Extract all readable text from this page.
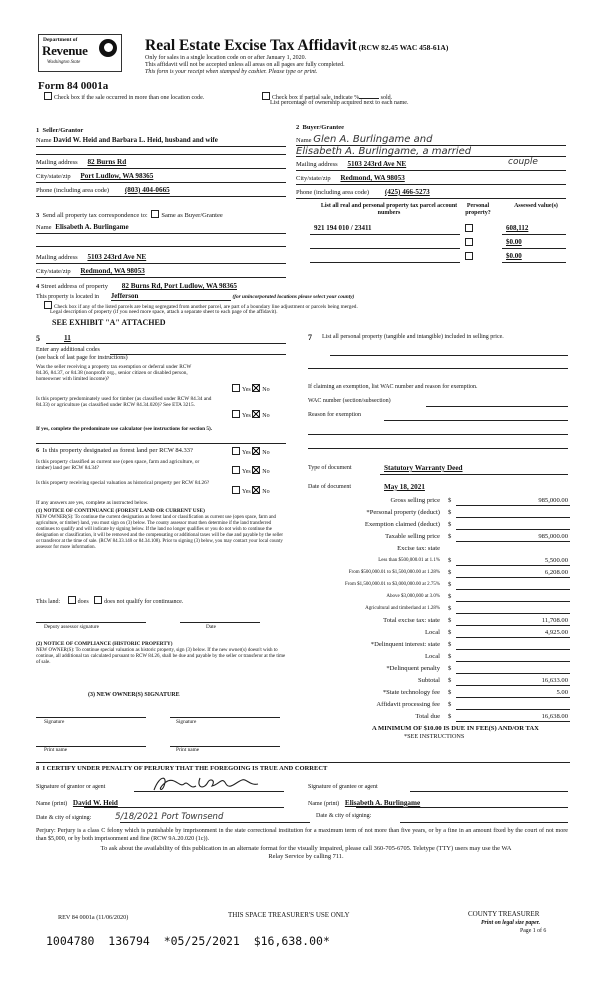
Department of
Revenue
Washington State
Form 84 0001a
Real Estate Excise Tax Affidavit (RCW 82.45 WAC 458-61A)
Only for sales in a single location code on or after January 1, 2020.
This affidavit will not be accepted unless all areas on all pages are fully completed.
This form is your receipt when stamped by cashier. Please type or print.
Check box if the sale occurred in more than one location code.	Check box if partial sale, indicate %	sold.
List percentage of ownership acquired next to each name.
1 Seller/Grantor
Name David W. Heid and Barbara L. Heid, husband and wife
Mailing address 82 Burns Rd
City/state/zip Port Ludlow, WA 98365
Phone (including area code) (803) 404-0665
2 Buyer/Grantee
Name Glen A. Burlingame and
Elisabeth A. Burlingame, a married
couple
Mailing address 5103 243rd Ave NE
City/state/zip Redmond, WA 98053
Phone (including area code) (425) 466-5273
3 Send all property tax correspondence to: Same as Buyer/Grantee
Name Elisabeth A. Burlingame
Mailing address 5103 243rd Ave NE
City/state/zip Redmond, WA 98053
List all real and personal property tax parcel account numbers
Personal property?
Assessed value(s)
921 194 010 / 23411	608,112
$0.00
$0.00
4 Street address of property 82 Burns Rd, Port Ludlow, WA 98365
This property is located in Jefferson	(for unincorporated locations please select your county)
Check box if any of the listed parcels are being segregated from another parcel, are part of a boundary line adjustment or parcels being merged.
Legal description of property (if you need more space, attach a separate sheet to each page of the affidavit).
SEE EXHIBIT "A" ATTACHED
5	11
Enter any additional codes
(see back of last page for instructions)
Was the seller receiving a property tax exemption or deferral under RCW 84.36, 84.37, or 84.38 (nonprofit org., senior citizen or disabled person, homeowner with limited income)?
Yes No
Is this property predominately used for timber (as classified under RCW 84.34 and 84.33) or agriculture (as classified under RCW 84.34.020)? See ETA 3215.
Yes No
If yes, complete the predominate use calculator (see instructions for section 5).
6 Is this property designated as forest land per RCW 84.33?	Yes No
Is this property classified as current use (open space, farm and agriculture, or timber) land per RCW 84.34?
Yes No
Is this property receiving special valuation as historical property per RCW 84.26?
Yes No
If any answers are yes, complete as instructed below.
(1) NOTICE OF CONTINUANCE (FOREST LAND OR CURRENT USE)
NEW OWNER(S): To continue the current designation as forest land or classification as current use (open space, farm and agriculture, or timber) land, you must sign on (3) below. The county assessor must then determine if the land transferred continues to qualify and will indicate by signing below. If the land no longer qualifies or you do not wish to continue the designation or classification, it will be removed and the compensating or additional taxes will be due and payable by the seller or transferor at the time of sale. (RCW 84.33.140 or 84.34.108). Prior to signing (3) below, you may contact your local county assessor for more information.
This land:	does	does not qualify for continuance.
Deputy assessor signature	Date
(2) NOTICE OF COMPLIANCE (HISTORIC PROPERTY)
NEW OWNER(S): To continue special valuation as historic property, sign (3) below. If the new owner(s) doesn't wish to continue, all additional tax calculated pursuant to RCW 84.26, shall be due and payable by the seller or transferor at the time of sale.
(3) NEW OWNER(S) SIGNATURE
Signature	Signature
Print name	Print name
7 List all personal property (tangible and intangible) included in selling price.
If claiming an exemption, list WAC number and reason for exemption.
WAC number (section/subsection)
Reason for exemption
Type of document	Statutory Warranty Deed
Date of document	May 18, 2021
Gross selling price $	985,000.00
*Personal property (deduct) $
Exemption claimed (deduct) $
Taxable selling price $	985,000.00
Excise tax: state
Less than $500,000.01 at 1.1% $	5,500.00
From $500,000.01 to $1,500,000.00 at 1.28% $	6,208.00
From $1,500,000.01 to $3,000,000.00 at 2.75% $
Above $3,000,000 at 3.0% $
Agricultural and timberland at 1.28% $
Total excise tax: state $	11,708.00
Local $	4,925.00
*Delinquent interest: state $
Local $
*Delinquent penalty $
Subtotal $	16,633.00
*State technology fee $	5.00
Affidavit processing fee $
Total due $	16,638.00
A MINIMUM OF $10.00 IS DUE IN FEE(S) AND/OR TAX
*SEE INSTRUCTIONS
8 I CERTIFY UNDER PENALTY OF PERJURY THAT THE FOREGOING IS TRUE AND CORRECT
Signature of grantor or agent	Signature of grantee or agent
Name (print) David W. Heid	Name (print) Elisabeth A. Burlingame
Date & city of signing:	5/18/2021 Port Townsend	Date & city of signing:
Perjury: Perjury is a class C felony which is punishable by imprisonment in the state correctional institution for a maximum term of not more than five years, or by a fine in an amount fixed by the court of not more than $5,000, or by both imprisonment and fine (RCW 9A.20.020 (1c)).
To ask about the availability of this publication in an alternate format for the visually impaired, please call 360-705-6705. Teletype (TTY) users may use the WA Relay Service by calling 711.
REV 84 0001a (11/06/2020)	THIS SPACE TREASURER'S USE ONLY	COUNTY TREASURER
Print on legal size paper.
Page 1 of 6
1004780  136794  *05/25/2021  $16,638.00*
